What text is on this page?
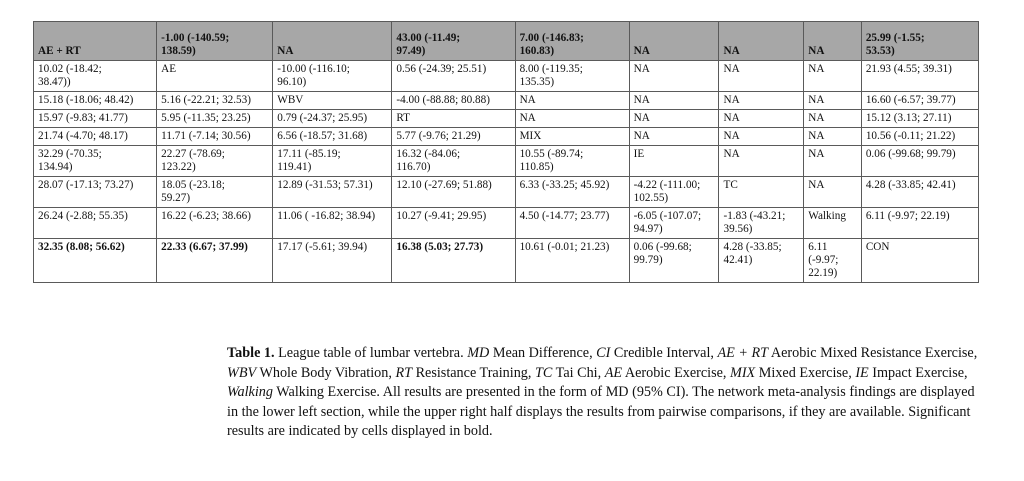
AE + RT	-1.00 (-140.59;
138.59)	NA	43.00 (-11.49;
97.49)	7.00 (-146.83;
160.83)	NA	NA	NA	25.99 (-1.55;
53.53)
10.02 (-18.42;
38.47))	AE	-10.00 (-116.10;
96.10)	0.56 (-24.39; 25.51)	8.00 (-119.35;
135.35)	NA	NA	NA	21.93 (4.55; 39.31)
15.18 (-18.06; 48.42)	5.16 (-22.21; 32.53)	WBV	-4.00 (-88.88; 80.88)	NA	NA	NA	NA	16.60 (-6.57; 39.77)
15.97 (-9.83; 41.77)	5.95 (-11.35; 23.25)	0.79 (-24.37; 25.95)	RT	NA	NA	NA	NA	15.12 (3.13; 27.11)
21.74 (-4.70; 48.17)	11.71 (-7.14; 30.56)	6.56 (-18.57; 31.68)	5.77 (-9.76; 21.29)	MIX	NA	NA	NA	10.56 (-0.11; 21.22)
32.29 (-70.35;
134.94)	22.27 (-78.69;
123.22)	17.11 (-85.19;
119.41)	16.32 (-84.06;
116.70)	10.55 (-89.74;
110.85)	IE	NA	NA	0.06 (-99.68; 99.79)
28.07 (-17.13; 73.27)	18.05 (-23.18;
59.27)	12.89 (-31.53; 57.31)	12.10 (-27.69; 51.88)	6.33 (-33.25; 45.92)	-4.22 (-111.00;
102.55)	TC	NA	4.28 (-33.85; 42.41)
26.24 (-2.88; 55.35)	16.22 (-6.23; 38.66)	11.06 ( -16.82; 38.94)	10.27 (-9.41; 29.95)	4.50 (-14.77; 23.77)	-6.05 (-107.07;
94.97)	-1.83 (-43.21;
39.56)	Walking	6.11 (-9.97; 22.19)
32.35 (8.08; 56.62)	22.33 (6.67; 37.99)	17.17 (-5.61; 39.94)	16.38 (5.03; 27.73)	10.61 (-0.01; 21.23)	0.06 (-99.68;
99.79)	4.28 (-33.85;
42.41)	6.11
(-9.97;
22.19)	CON
Table 1. League table of lumbar vertebra. MD Mean Difference, CI Credible Interval, AE + RT Aerobic Mixed Resistance Exercise, WBV Whole Body Vibration, RT Resistance Training, TC Tai Chi, AE Aerobic Exercise, MIX Mixed Exercise, IE Impact Exercise, Walking Walking Exercise. All results are presented in the form of MD (95% CI). The network meta-analysis findings are displayed in the lower left section, while the upper right half displays the results from pairwise comparisons, if they are available. Significant results are indicated by cells displayed in bold.
